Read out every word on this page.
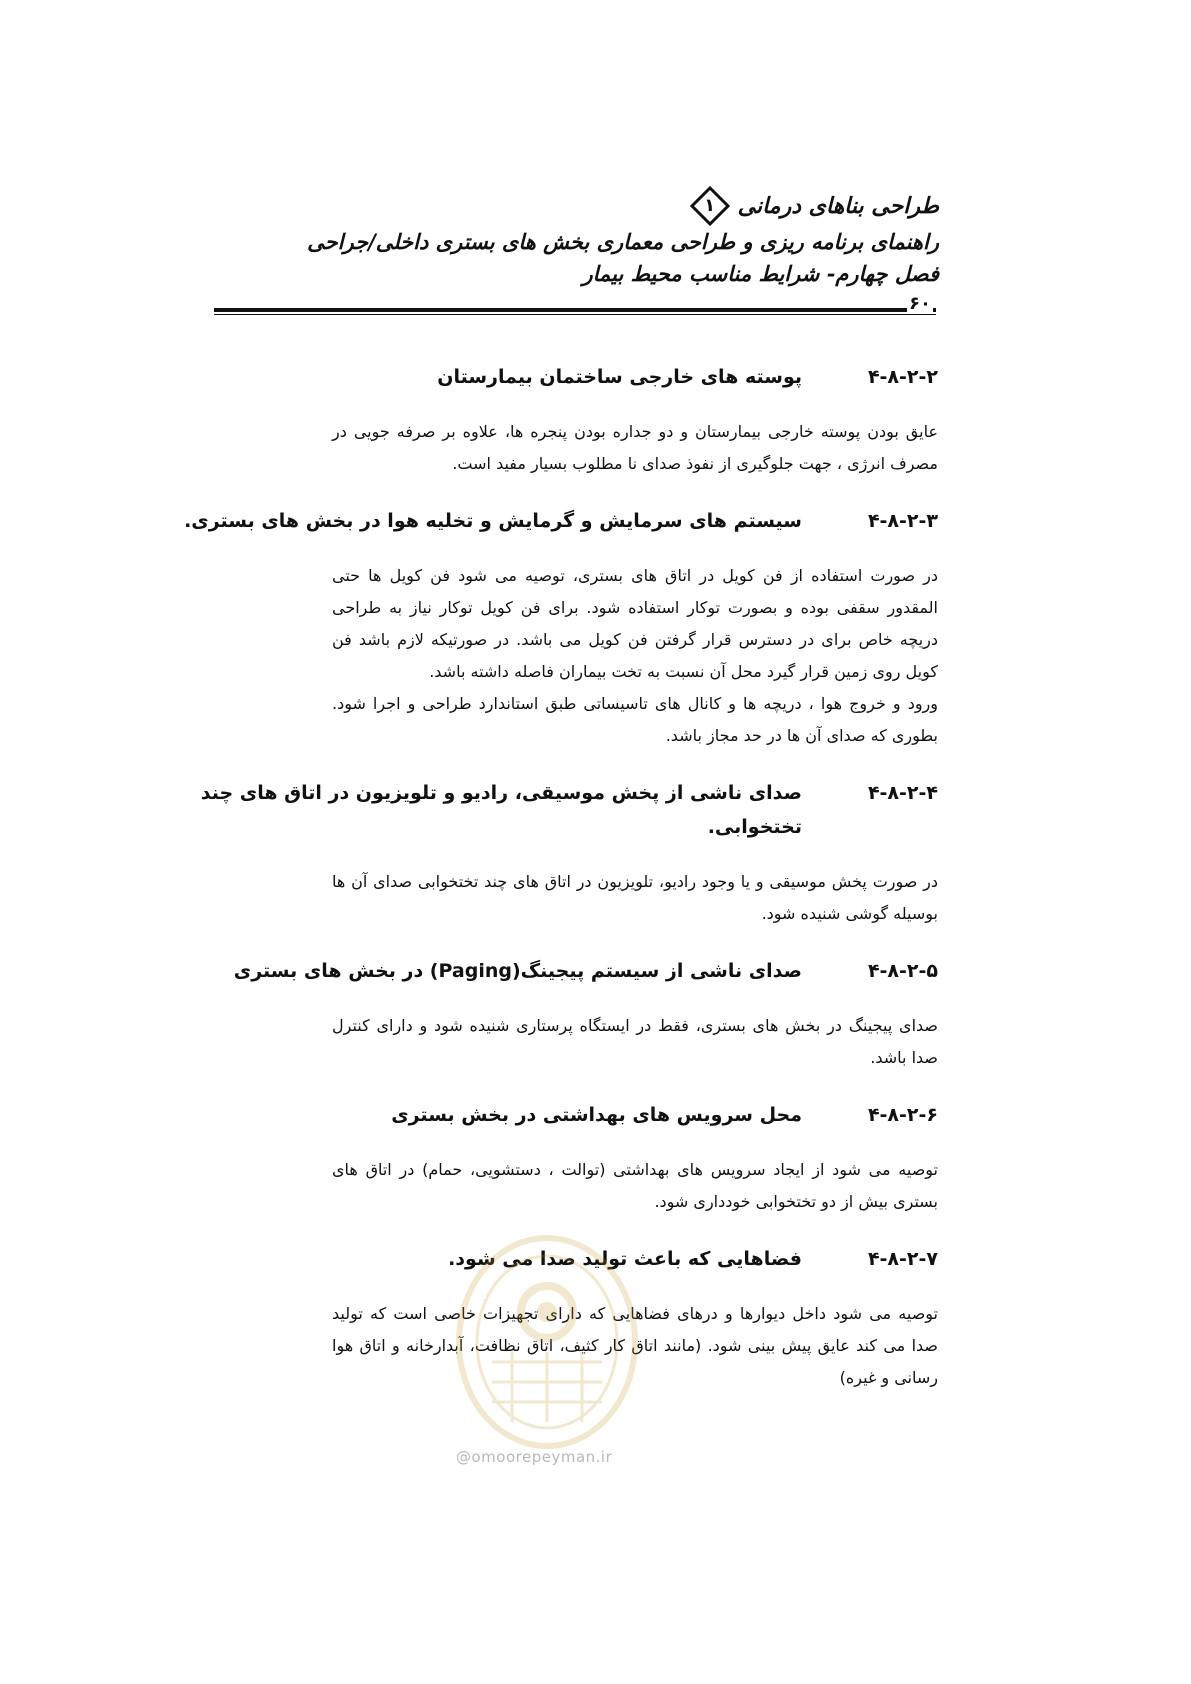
طراحی بناهای درمانی
۱
راهنمای برنامه ریزی و طراحی معماری بخش های بستری داخلی/جراحی
فصل چهارم- شرایط مناسب محیط بیمار
۶۰
۴-۸-۲-۲
پوسته های خارجی ساختمان بیمارستان

عایق بودن پوسته خارجی بیمارستان و دو جداره بودن پنجره ها، علاوه بر صرفه جویی در مصرف انرژی ، جهت جلوگیری از نفوذ صدای نا مطلوب بسیار مفید است.

۴-۸-۲-۳
سیستم های سرمایش و گرمایش و تخلیه هوا در بخش های بستری.

در صورت استفاده از فن کویل در اتاق های بستری، توصیه می شود فن کویل ها حتی المقدور سقفی بوده و بصورت توکار استفاده شود. برای فن کویل توکار نیاز به طراحی دریچه خاص برای در دسترس قرار گرفتن فن کویل می باشد. در صورتیکه لازم باشد فن کویل روی زمین قرار گیرد محل آن نسبت به تخت بیماران فاصله داشته باشد.

ورود و خروج هوا ، دریچه ها و کانال های تاسیساتی طبق استاندارد طراحی و اجرا شود. بطوری که صدای آن ها در حد مجاز باشد.

۴-۸-۲-۴
صدای ناشی از پخش موسیقی، رادیو و تلویزیون در اتاق های چند تختخوابی.

در صورت پخش موسیقی و یا وجود رادیو، تلویزیون در اتاق های چند تختخوابی صدای آن ها بوسیله گوشی شنیده شود.

۴-۸-۲-۵
صدای ناشی از سیستم پیجینگ(Paging) در بخش های بستری

صدای پیجینگ در بخش های بستری، فقط در ایستگاه پرستاری شنیده شود و دارای کنترل صدا باشد.

۴-۸-۲-۶
محل سرویس های بهداشتی در بخش بستری

توصیه می شود از ایجاد سرویس های بهداشتی (توالت ، دستشویی، حمام) در اتاق های بستری بیش از دو تختخوابی خودداری شود.

۴-۸-۲-۷
فضاهایی که باعث تولید صدا می شود.

توصیه می شود داخل دیوارها و درهای فضاهایی که دارای تجهیزات خاصی است که تولید صدا می کند عایق پیش بینی شود. (مانند اتاق کار کثیف، اتاق نظافت، آبدارخانه و اتاق هوا رسانی و غیره)

@omoorepeyman.ir
